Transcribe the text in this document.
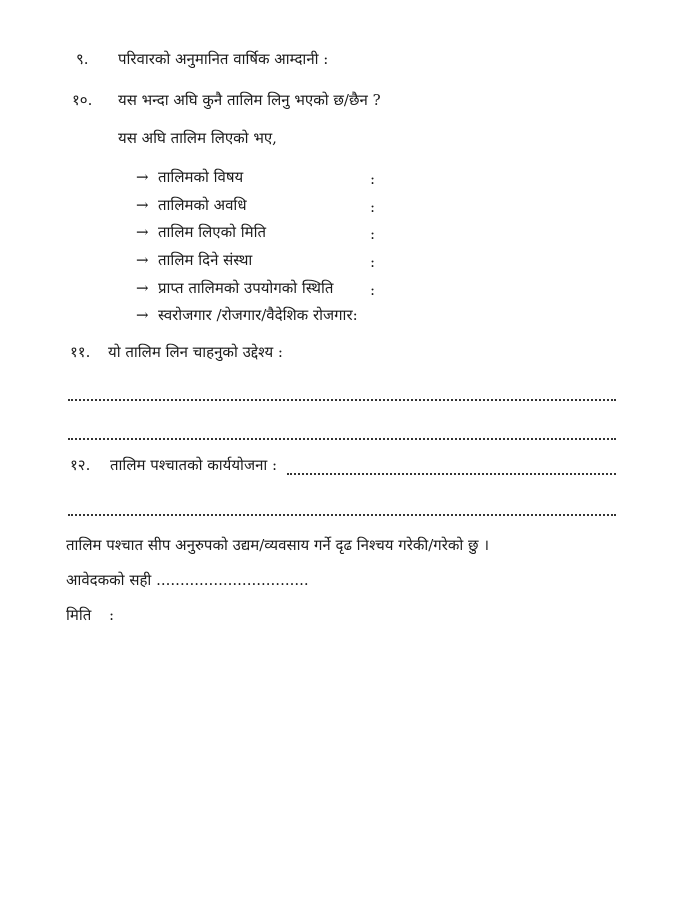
९. परिवारको अनुमानित वार्षिक आम्दानी :
१०. यस भन्दा अघि कुनै तालिम लिनु भएको छ/छैन ?
यस अघि तालिम लिएको भए,
→ तालिमको विषय	:
→ तालिमको अवधि	:
→ तालिम लिएको मिति	:
→ तालिम दिने संस्था	:
→ प्राप्त तालिमको उपयोगको स्थिति :
→ स्वरोजगार /रोजगार/वैदेशिक रोजगार:
११. यो तालिम लिन चाहनुको उद्देश्य :
१२. तालिम पश्चातको कार्ययोजना :
तालिम पश्चात सीप अनुरुपको उद्यम/व्यवसाय गर्ने दृढ निश्चय गरेकी/गरेको छु ।
आवेदकको सही ................................
मिति :
